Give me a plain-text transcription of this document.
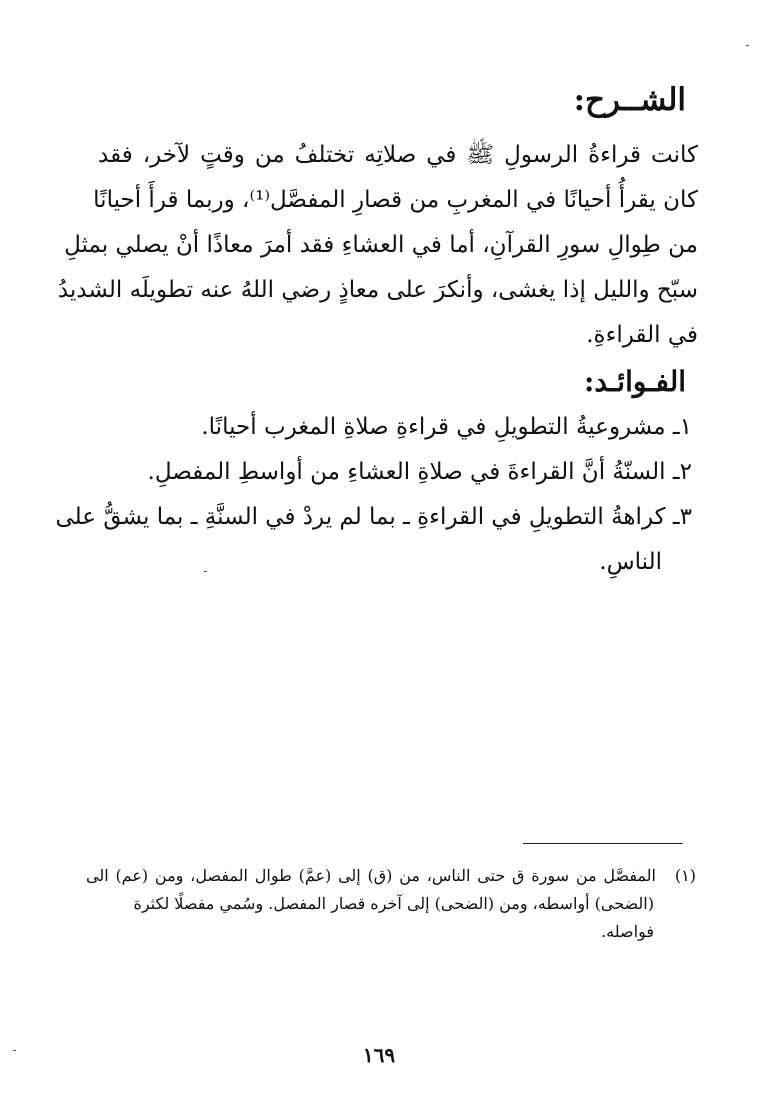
الشــرح:
كانت قراءةُ الرسولِ ﷺ في صلاتِه تختلفُ من وقتٍ لآخر، فقد
كان يقرأُ أحيانًا في المغربِ من قصارِ المفصَّل⁽¹⁾، وربما قرأَ أحيانًا
من طِوالِ سورِ القرآنِ، أما في العشاءِ فقد أمرَ معاذًا أنْ يصلي بمثلِ
سبّح والليل إذا يغشى، وأنكرَ على معاذٍ رضي اللهُ عنه تطويلَه الشديدُ
في القراءةِ.
الفـوائـد:
١ـ مشروعيةُ التطويلِ في قراءةِ صلاةِ المغرب أحيانًا.
٢ـ السنّةُ أنَّ القراءةَ في صلاةِ العشاءِ من أواسطِ المفصلِ.
٣ـ كراهةُ التطويلِ في القراءةِ ـ بما لم يردْ في السنَّةِ ـ بما يشقُّ على
الناسِ.
(١)المفصَّل من سورة ق حتى الناس، من (ق) إلى (عمَّ) طوال المفصل، ومن (عم) الى
(الضحى) أواسطه، ومن (الضحى) إلى آخره قصار المفصل. وسُمي مفصلًا لكثرة
فواصله.
١٦٩
